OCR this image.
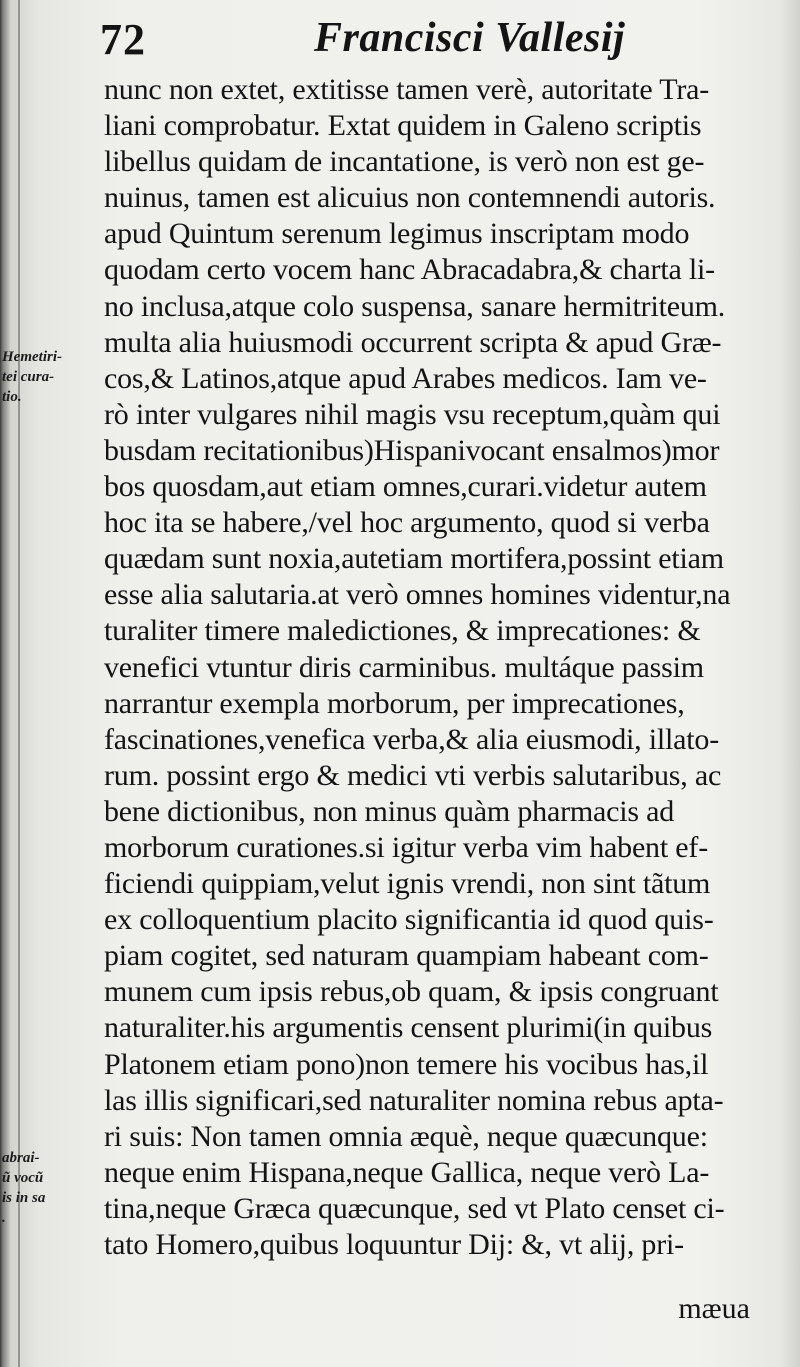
72	Francisci Vallesij
Hemetiri-
tei cura-
tio.
abrai-
ũ vocũ
is in sa
.
nunc non extet, extitisse tamen verè, autoritate Tra-
liani comprobatur. Extat quidem in Galeno scriptis
libellus quidam de incantatione, is verò non est ge-
nuinus, tamen est alicuius non contemnendi autoris.
apud Quintum serenum legimus inscriptam modo
quodam certo vocem hanc Abracadabra,& charta li-
no inclusa,atque colo suspensa, sanare hermitriteum.
multa alia huiusmodi occurrent scripta & apud Græ-
cos,& Latinos,atque apud Arabes medicos. Iam ve-
rò inter vulgares nihil magis vsu receptum,quàm qui
busdam recitationibus)Hispanivocant ensalmos)mor
bos quosdam,aut etiam omnes,curari.videtur autem
hoc ita se habere,/vel hoc argumento, quod si verba
quædam sunt noxia,autetiam mortifera,possint etiam
esse alia salutaria.at verò omnes homines videntur,na
turaliter timere maledictiones, & imprecationes: &
venefici vtuntur diris carminibus. multáque passim
narrantur exempla morborum, per imprecationes,
fascinationes,venefica verba,& alia eiusmodi, illato-
rum. possint ergo & medici vti verbis salutaribus, ac
bene dictionibus, non minus quàm pharmacis ad
morborum curationes.si igitur verba vim habent ef-
ficiendi quippiam,velut ignis vrendi, non sint tãtum
ex colloquentium placito significantia id quod quis-
piam cogitet, sed naturam quampiam habeant com-
munem cum ipsis rebus,ob quam, & ipsis congruant
naturaliter.his argumentis censent plurimi(in quibus
Platonem etiam pono)non temere his vocibus has,il
las illis significari,sed naturaliter nomina rebus apta-
ri suis: Non tamen omnia æquè, neque quæcunque:
neque enim Hispana,neque Gallica, neque verò La-
tina,neque Græca quæcunque, sed vt Plato censet ci-
tato Homero,quibus loquuntur Dij: &, vt alij, pri-
mæua
